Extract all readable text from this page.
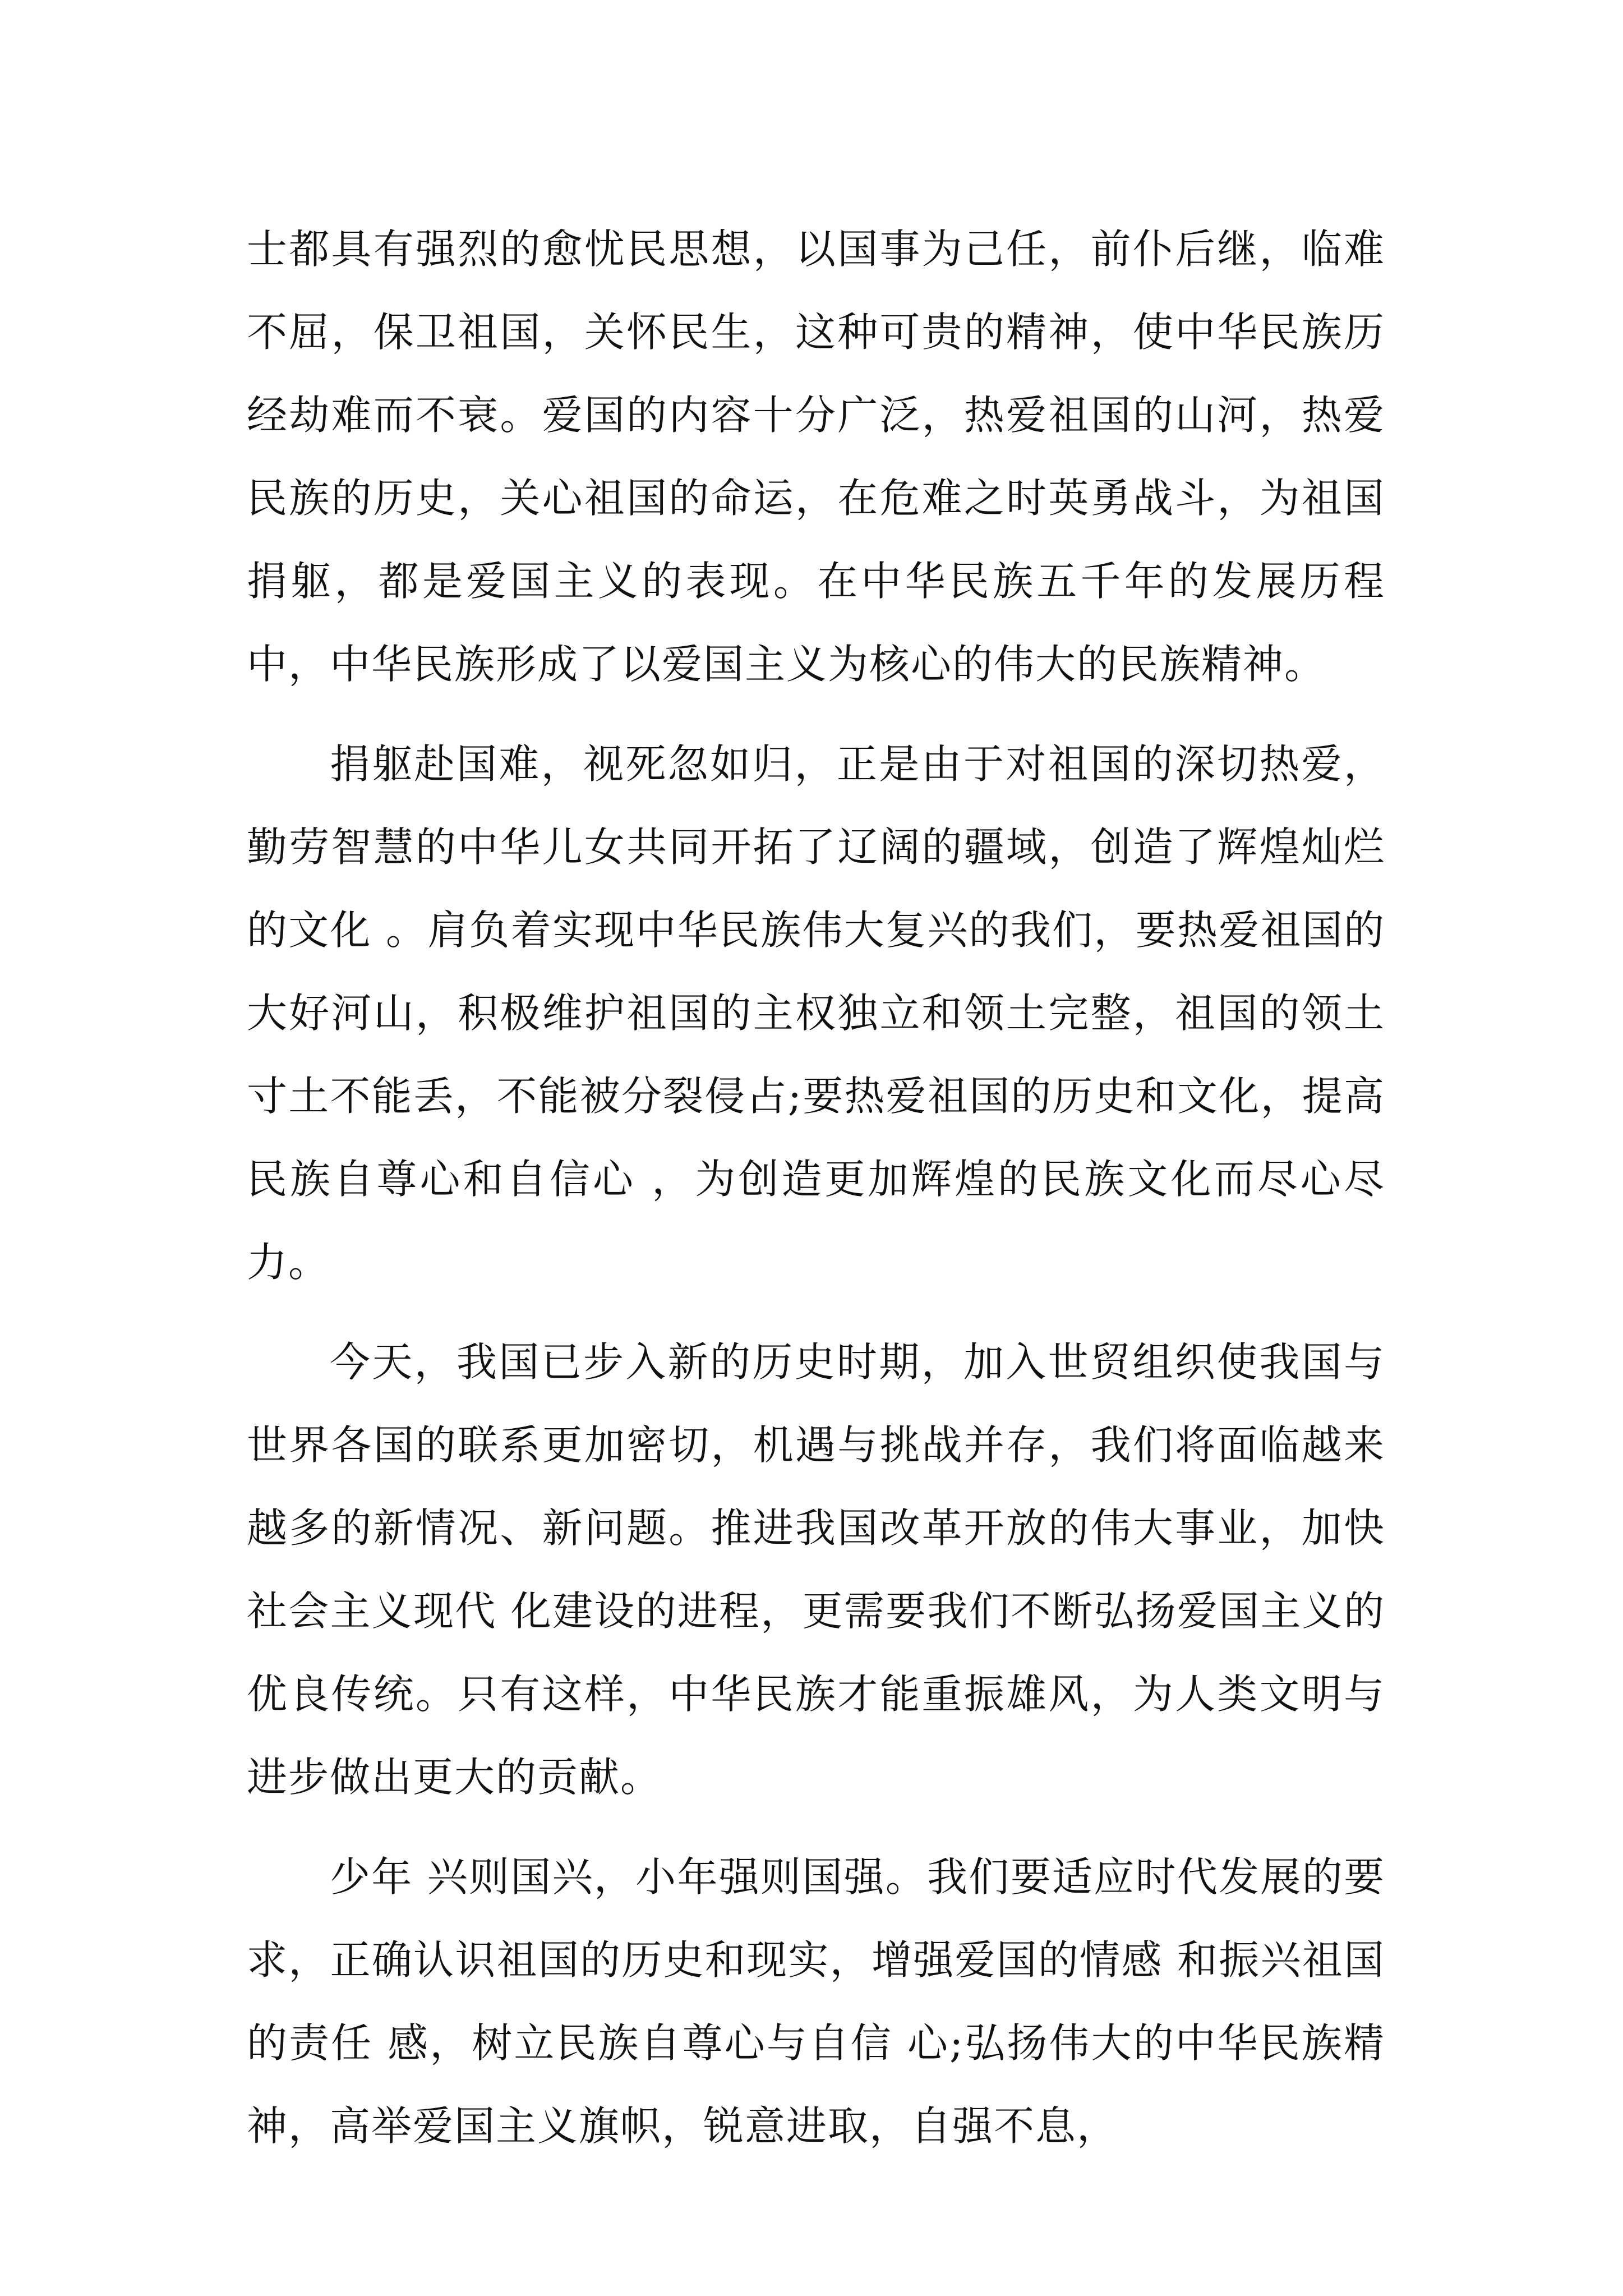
士都具有强烈的愈忧民思想，以国事为己任，前仆后继，临难不屈，保卫祖国，关怀民生，这种可贵的精神，使中华民族历经劫难而不衰。爱国的内容十分广泛，热爱祖国的山河，热爱民族的历史，关心祖国的命运，在危难之时英勇战斗，为祖国捐躯，都是爱国主义的表现。在中华民族五千年的发展历程中，中华民族形成了以爱国主义为核心的伟大的民族精神。

捐躯赴国难，视死忽如归，正是由于对祖国的深切热爱，勤劳智慧的中华儿女共同开拓了辽阔的疆域，创造了辉煌灿烂的文化 。肩负着实现中华民族伟大复兴的我们，要热爱祖国的大好河山，积极维护祖国的主权独立和领土完整，祖国的领土寸土不能丢，不能被分裂侵占;要热爱祖国的历史和文化，提高民族自尊心和自信心 ，为创造更加辉煌的民族文化而尽心尽力。

今天，我国已步入新的历史时期，加入世贸组织使我国与世界各国的联系更加密切，机遇与挑战并存，我们将面临越来越多的新情况、新问题。推进我国改革开放的伟大事业，加快社会主义现代 化建设的进程，更需要我们不断弘扬爱国主义的优良传统。只有这样，中华民族才能重振雄风，为人类文明与进步做出更大的贡献。

少年 兴则国兴，小年强则国强。我们要适应时代发展的要求，正确认识祖国的历史和现实，增强爱国的情感 和振兴祖国的责任 感，树立民族自尊心与自信 心;弘扬伟大的中华民族精神，高举爱国主义旗帜，锐意进取，自强不息，
